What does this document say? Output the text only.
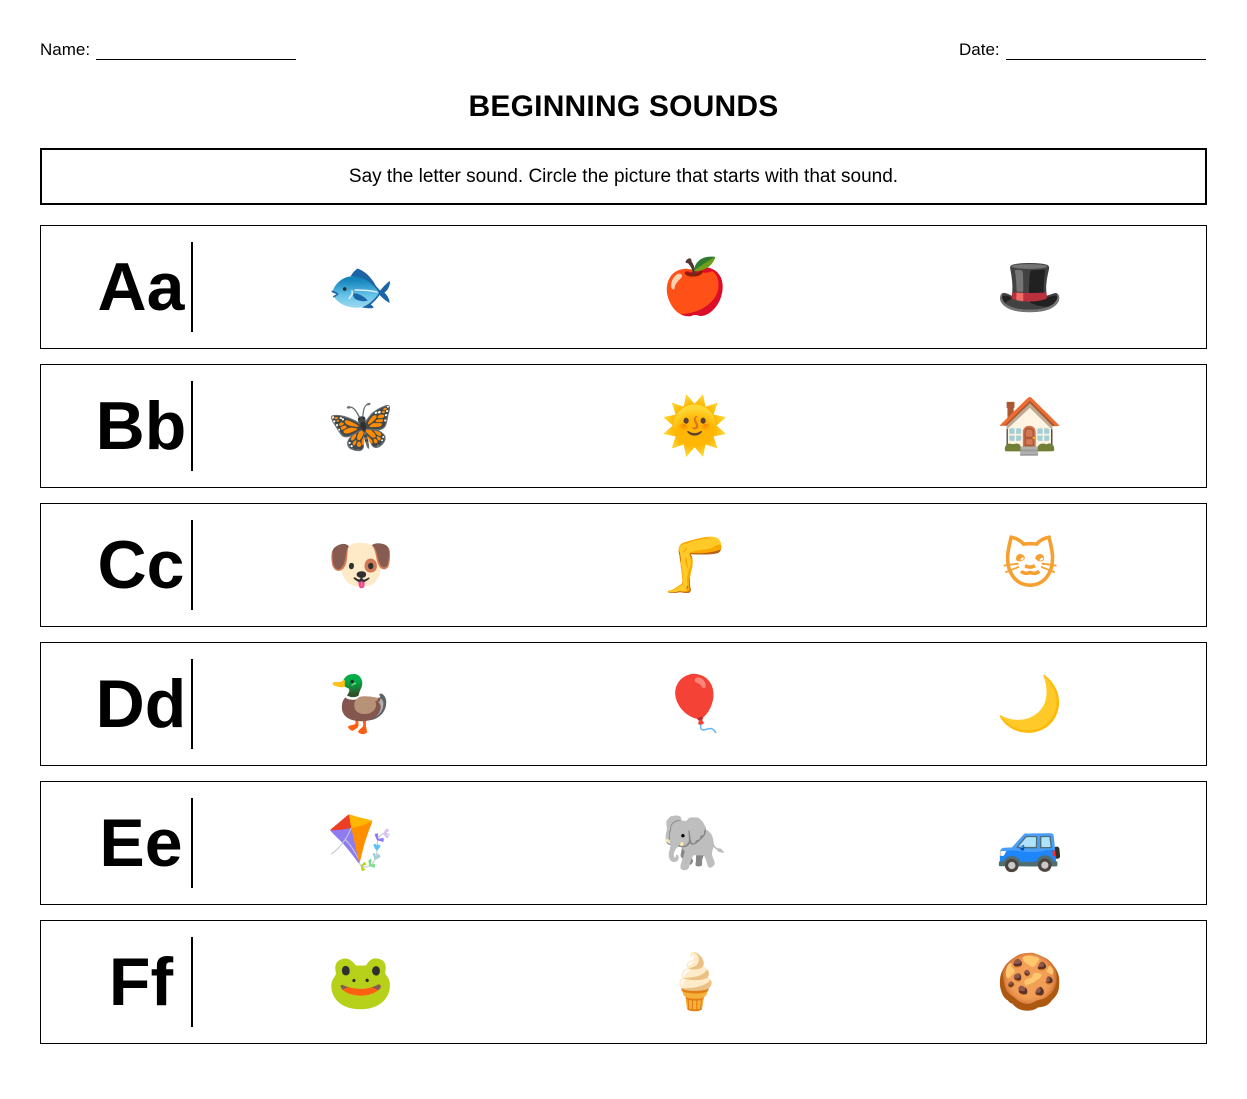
Name:	Date:
BEGINNING SOUNDS
Say the letter sound. Circle the picture that starts with that sound.
Aa	🐟	🍎	🎩
Bb	🦋	🌞	🏠
Cc	🐶	🦵	🐱
Dd	🦆	🎈	🌙
Ee	🪁	🐘	🚙
Ff	🐸	🍦	🍪
